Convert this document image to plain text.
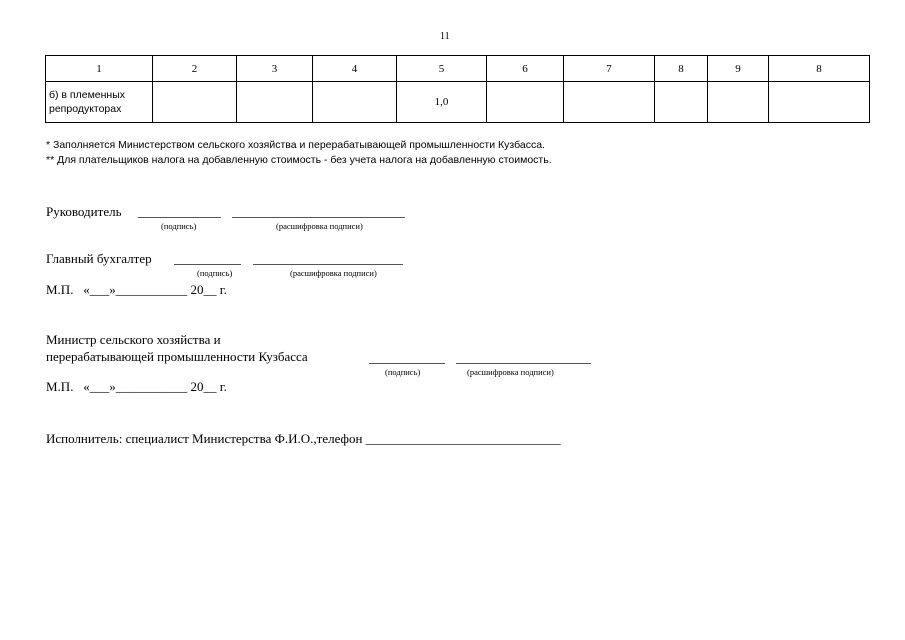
11
1	2	3	4	5	6	7	8	9	8

б) в племенных
репродукторах				1,0					
* Заполняется Министерством сельского хозяйства и перерабатывающей промышленности Кузбасса.
** Для плательщиков налога на добавленную стоимость - без учета налога на добавленную стоимость.
Руководитель
(подпись)	(расшифровка подписи)
Главный бухгалтер
(подпись)	(расшифровка подписи)
М.П.   «___»___________ 20__ г.
Министр сельского хозяйства и
перерабатывающей промышленности Кузбасса
(подпись)	(расшифровка подписи)
М.П.   «___»___________ 20__ г.
Исполнитель: специалист Министерства Ф.И.О.,телефон ______________________________
